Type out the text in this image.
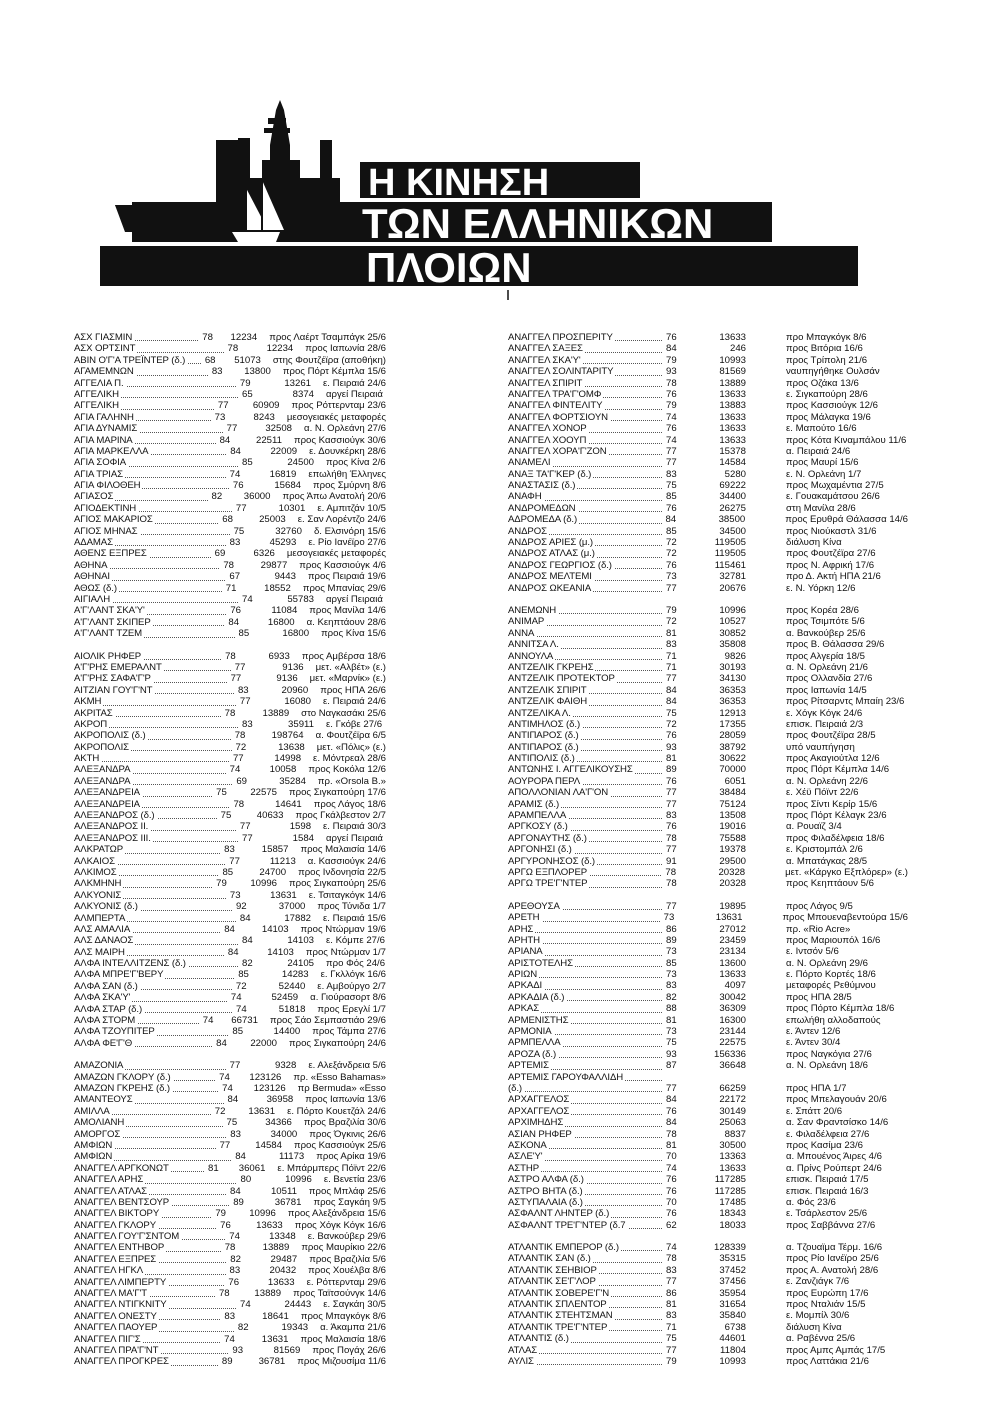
Η ΚΙΝΗΣΗ
ΤΩΝ ΕΛΛΗΝΙΚΩΝ
ΠΛΟΙΩΝ
ΑΣΧ ΓΙΑΣΜΙΝ	78	12234	προς Λαέρτ Τσαμπάγκ 25/6
ΑΣΧ ΟΡΤΣΙΝΤ	78	12234	προς Ιαπωνία 28/6
ΑΒΙΝ Ο'Γ'Α ΤΡΕΪΝΤΕΡ (δ.)	68	51073	στης Φουτζέϊρα (αποθήκη)
ΑΓΑΜΕΜΝΩΝ	83	13800	προς Πόρτ Κέμπλα 15/6
ΑΓΓΕΛΙΑ Π.	79	13261	ε. Πειραιά 24/6
ΑΓΓΕΛΙΚΗ	65	8374	αργεί Πειραιά
ΑΓΓΕΛΙΚΗ	77	60909	προς Ρόττερνταμ 23/6
ΑΓΙΑ ΓΑΛΗΝΗ	73	8243	μεσογειακές μεταφορές
ΑΓΙΑ ΔΥΝΑΜΙΣ	77	32508	α. Ν. Ορλεάνη 27/6
ΑΓΙΑ ΜΑΡΙΝΑ	84	22511	προς Κασσιούγκ 30/6
ΑΓΙΑ ΜΑΡΚΕΛΛΑ	84	22009	ε. Δουνκέρκη 28/6
ΑΓΙΑ ΣΟΦΙΑ	85	24500	προς Κίνα 2/6
ΑΓΙΑ ΤΡΙΑΣ	74	16819	επωλήθη Έλληνες
ΑΓΙΑ ΦΙΛΟΘΕΗ	76	15684	προς Σμύρνη 8/6
ΑΓΙΑΣΟΣ	82	36000	προς Άπω Ανατολή 20/6
ΑΓΙΟΔΕΚΤΙΝΗ	77	10301	ε. Αμπιτζάν 10/5
ΑΓΙΟΣ ΜΑΚΑΡΙΟΣ	68	25003	ε. Σαν Λορέντζο 24/6
ΑΓΙΟΣ ΜΗΝΑΣ	75	32760	δ. Ελσινόρη 15/6
ΑΔΑΜΑΣ	83	45293	ε. Ρίο Ιανέϊρο 27/6
ΑΘΕΝΣ ΕΞΠΡΕΣ	69	6326	μεσογειακές μεταφορές
ΑΘΗΝΑ	78	29877	προς Κασσιούγκ 4/6
ΑΘΗΝΑΙ	67	9443	προς Πειραιά 19/6
ΑΘΩΣ (δ.)	71	18552	προς Μπανίας 29/6
ΑΙΓΙΑΛΗ	74	55783	αργεί Πειραιά
Α'Γ'ΛΑΝΤ ΣΚΑ'Υ'	76	11084	προς Μανίλα 14/6
Α'Γ'ΛΑΝΤ ΣΚΙΠΕΡ	84	16800	α. Κεηπτάουν 28/6
Α'Γ'ΛΑΝΤ ΤΖΕΜ	85	16800	προς Κίνα 15/6
ΑΙΟΛΙΚ ΡΗΦΕΡ	78	6933	προς Αμβέρσα 18/6
Α'Γ'ΡΗΣ ΕΜΕΡΑΛΝΤ	77	9136	μετ. «Αλβέτ» (ε.)
Α'Γ'ΡΗΣ ΣΑΦΑ'Γ'Ρ	77	9136	μετ. «Μαρνίκ» (ε.)
ΑΙΤΖΙΑΝ ΓΟΥ'Γ'ΝΤ	83	20960	προς ΗΠΑ 26/6
ΑΚΜΗ	77	16080	ε. Πειραιά 24/6
ΑΚΡΙΤΑΣ	78	13889	στο Ναγκασάκι 25/6
ΑΚΡΟΠ	83	35911	ε. Γκόβε 27/6
ΑΚΡΟΠΟΛΙΣ (δ.)	78	198764	α. Φουτζέϊρα 6/5
ΑΚΡΟΠΟΛΙΣ	72	13638	μετ. «Πόλις» (ε.)
ΑΚΤΗ	77	14998	ε. Μόντρεαλ 28/6
ΑΛΕΞΑΝΔΡΑ	74	10058	προς Κοκόλα 12/6
ΑΛΕΞΑΝΔΡΑ	69	35284	πρ. «Orsola B.»
ΑΛΕΞΑΝΔΡΕΙΑ	75	22575	προς Σιγκαπούρη 17/6
ΑΛΕΞΑΝΔΡΕΙΑ	78	14641	προς Λάγος 18/6
ΑΛΕΞΑΝΔΡΟΣ (δ.)	75	40633	προς Γκάλβεστον 2/7
ΑΛΕΞΑΝΔΡΟΣ ΙΙ.	77	1598	ε. Πειραιά 30/3
ΑΛΕΞΑΝΔΡΟΣ ΙΙΙ.	77	1584	αργεί Πειραιά
ΑΛΚΡΑΤΩΡ	83	15857	προς Μαλαισία 14/6
ΑΛΚΑΙΟΣ	77	11213	α. Κασσιούγκ 24/6
ΑΛΚΙΜΟΣ	85	24700	προς Ινδονησία 22/5
ΑΛΚΜΗΝΗ	79	10996	προς Σιγκαπούρη 25/6
ΑΛΚΥΟΝΙΣ	73	13631	ε. Τσιταγκόγκ 14/6
ΑΛΚΥΟΝΙΣ (δ.)	92	37000	προς Τύνιδα 1/7
ΑΛΜΠΕΡΤΑ	84	17882	ε. Πειραιά 15/6
ΑΛΣ ΑΜΑΛΙΑ	84	14103	προς Ντώρμαν 19/6
ΑΛΣ ΔΑΝΑΟΣ	84	14103	ε. Κόμπε 27/6
ΑΛΣ ΜΑΙΡΗ	84	14103	προς Ντώρμαν 1/7
ΑΛΦΑ ΙΝΤΕΛΛΙΤΖΕΝΣ (δ.)	82	24105	προ Φός 24/6
ΑΛΦΑ ΜΠΡΕ'Γ'ΒΕΡΥ	85	14283	ε. Γκλλόγκ 16/6
ΑΛΦΑ ΣΑΝ (δ.)	72	52440	ε. Αμβούργο 2/7
ΑΛΦΑ ΣΚΑ'Υ'	74	52459	α. Γιούρασορτ 8/6
ΑΛΦΑ ΣΤΑΡ (δ.)	74	51818	προς Ερεγλί 1/7
ΑΛΦΑ ΣΤΟΡΜ	74	66731	προς Σάο Σεμπαστιάο 29/6
ΑΛΦΑ ΤΖΟΥΠΙΤΕΡ	85	14400	προς Τάμπα 27/6
ΑΛΦΑ ΦΕ'Γ'Θ	84	22000	προς Σιγκαπούρη 24/6
ΑΜΑΖΟΝΙΑ	77	9328	ε. Αλεξάνδρεια 5/6
ΑΜΑΖΩΝ ΓΚΛΟΡΥ (δ.)	74	123126	πρ. «Esso Bahamas»
ΑΜΑΖΩΝ ΓΚΡΕΗΣ (δ.)	74	123126	πρ Bermuda» «Esso
ΑΜΑΝΤΕΟΥΣ	84	36958	προς Ιαπωνία 13/6
ΑΜΙΛΛΑ	72	13631	ε. Πόρτο Κουετζάλ 24/6
ΑΜΟΛΙΑΝΗ	75	34366	προς Βραζιλία 30/6
ΑΜΟΡΓΟΣ	83	34000	προς Όγκινις 26/6
ΑΜΦΙΩΝ	77	14584	προς Κασσιούγκ 25/6
ΑΜΦΙΩΝ	84	11173	προς Αρίκα 19/6
ΑΝΑΓΓΕΛ ΑΡΓΚΟΝΩΤ	81	36061	ε. Μπάρμπερς Πόϊντ 22/6
ΑΝΑΓΓΕΛ ΑΡΗΣ	80	10996	ε. Βενετία 23/6
ΑΝΑΓΓΕΛ ΑΤΛΑΣ	84	10511	προς Μπλάφ 25/6
ΑΝΑΓΓΕΛ ΒΕΝΤΣΟΥΡ	89	36781	προς Σαγκάη 9/5
ΑΝΑΓΓΕΛ ΒΙΚΤΟΡΥ	79	10996	προς Αλεξάνδρεια 15/6
ΑΝΑΓΓΕΛ ΓΚΛΟΡΥ	76	13633	προς Χόγκ Κόγκ 16/6
ΑΝΑΓΓΕΛ ΓΟΥ'Γ'ΣΝΤΟΜ	74	13348	ε. Βανκούβερ 29/6
ΑΝΑΓΓΕΛ ΕΝΤΗΒΟΡ	78	13889	προς Μαυρίκιο 22/6
ΑΝΑΓΓΕΛ ΕΞΠΡΕΣ	82	29487	προς Βραζιλία 5/6
ΑΝΑΓΓΕΛ ΗΓΚΛ	83	20432	προς Χουέλβα 8/6
ΑΝΑΓΓΕΛ ΛΙΜΠΕΡΤΥ	76	13633	ε. Ρόττερνταμ 29/6
ΑΝΑΓΓΕΛ ΜΑ'Γ'Τ	78	13889	προς Ταϊτσούνγκ 14/6
ΑΝΑΓΓΕΛ ΝΤΙΓΚΝΙΤΥ	74	24443	ε. Σαγκάη 30/5
ΑΝΑΓΓΕΛ ΟΝΕΣΤΥ	83	18641	προς Μπαγκόγκ 8/6
ΑΝΑΓΓΕΛ ΠΑΟΥΕΡ	82	19343	α. Άκαμπα 21/6
ΑΝΑΓΓΕΛ ΠΙΓ'Σ	74	13631	προς Μαλαισία 18/6
ΑΝΑΓΓΕΛ ΠΡΑ'Γ'ΝΤ	93	81569	προς Πογάχ 26/6
ΑΝΑΓΓΕΛ ΠΡΟΓΚΡΕΣ	89	36781	προς Μιζουσίμα 11/6
ΑΝΑΓΓΕΛ ΠΡΟΣΠΕΡΙΤΥ	76	13633	προ Μπαγκόγκ 8/6
ΑΝΑΓΓΕΛ ΣΑΞΕΣ	84	246	προς Βιτόρια 16/6
ΑΝΑΓΓΕΛ ΣΚΑ'Υ'	79	10993	προς Τρίπολη 21/6
ΑΝΑΓΓΕΛ ΣΟΛΙΝΤΑΡΙΤΥ	93	81569	ναυπηγήθηκε Ουλσάν
ΑΝΑΓΓΕΛ ΣΠΙΡΙΤ	78	13889	προς Οζάκα 13/6
ΑΝΑΓΓΕΛ ΤΡΑ'Γ'ΟΜΦ	76	13633	ε. Σιγκαπούρη 28/6
ΑΝΑΓΓΕΛ ΦΙΝΤΕΛΙΤΥ	79	13883	προς Κασσιούγκ 12/6
ΑΝΑΓΓΕΛ ΦΟΡΤΣΙΟΥΝ	74	13633	προς Μάλαγκα 19/6
ΑΝΑΓΓΕΛ ΧΟΝΟΡ	76	13633	ε. Μαπούτο 16/6
ΑΝΑΓΓΕΛ ΧΟΟΥΠ	74	13633	προς Κότα Κιναμπάλου 11/6
ΑΝΑΓΓΕΛ ΧΟΡΑ'Γ'ΖΟΝ	77	15378	α. Πειραιά 24/6
ΑΝΑΜΕΛΙ	77	14584	προς Μαυρί 15/6
ΑΝΑΞ ΤΑ'Γ'ΚΕΡ (δ.)	83	5280	ε. Ν. Ορλεάνη 1/7
ΑΝΑΣΤΑΣΙΣ (δ.)	75	69222	προς Μωχαμέντια 27/5
ΑΝΑΦΗ	85	34400	ε. Γουακαμάτσου 26/6
ΑΝΔΡΟΜΕΔΩΝ	76	26275	στη Μανίλα 28/6
ΑΔΡΟΜΕΔΑ (δ.)	84	38500	προς Ερυθρά Θάλασσα 14/6
ΑΝΔΡΟΣ	85	34500	προς Νιούκαστλ 31/6
ΑΝΔΡΟΣ ΑΡΙΕΣ (μ.)	72	119505	διάλυση Κίνα
ΑΝΔΡΟΣ ΑΤΛΑΣ (μ.)	72	119505	προς Φουτζέϊρα 27/6
ΑΝΔΡΟΣ ΓΕΩΡΓΙΟΣ (δ.)	76	115461	προς Ν. Αφρική 17/6
ΑΝΔΡΟΣ ΜΕΛΤΕΜΙ	73	32781	προ Δ. Ακτή ΗΠΑ 21/6
ΑΝΔΡΟΣ ΩΚΕΑΝΙΑ	77	20676	ε. Ν. Υόρκη 12/6
ΑΝΕΜΩΝΗ	79	10996	προς Κορέα 28/6
ΑΝΙΜΑΡ	72	10527	προς Τσιμπότε 5/6
ΑΝΝΑ	81	30852	α. Βανκούβερ 25/6
ΑΝΝΙΤΣΑ Λ.	83	35808	προς Β. Θάλασσα 29/6
ΑΝΝΟΥΛΑ	71	9826	προς Αλγερία 18/5
ΑΝΤΖΕΛΙΚ ΓΚΡΕΗΣ	71	30193	α. Ν. Ορλεάνη 21/6
ΑΝΤΖΕΛΙΚ ΠΡΟΤΕΚΤΟΡ	77	34130	προς Ολλανδία 27/6
ΑΝΤΖΕΛΙΚ ΣΠΙΡΙΤ	84	36353	προς Ιαπωνία 14/5
ΑΝΤΖΕΛΙΚ ΦΑΙΘΗ	84	36353	προς Ρίτσαρντς Μπαίη 23/6
ΑΝΤΖΕΛΙΚΑ Λ.	75	12913	ε. Χόγκ Κόγκ 24/6
ΑΝΤΙΜΗΛΟΣ (δ.)	72	17355	επισκ. Πειραιά 2/3
ΑΝΤΙΠΑΡΟΣ (δ.)	76	28059	προς Φουτζέϊρα 28/5
ΑΝΤΙΠΑΡΟΣ (δ.)	93	38792	υπό ναυπήγηση
ΑΝΤΙΠΟΛΙΣ (δ.)	81	30622	προς Ακαγιούτλα 12/6
ΑΝΤΩΝΗΣ Ι. ΑΓΓΕΛΙΚΟΥΣΗΣ	89	70000	προς Πόρτ Κέμπλα 14/6
ΑΟΥΡΟΡΑ ΠΕΡΛ	76	6051	α. Ν. Ορλεάνη 22/6
ΑΠΟΛΛΟΝΙΑΝ ΛΑ'Γ'ΟΝ	77	38484	ε. Χέϋ Πόϊντ 22/6
ΑΡΑΜΙΣ (δ.)	77	75124	προς Σίντι Κερίρ 15/6
ΑΡΑΜΠΕΛΛΑ	83	13508	προς Πόρτ Κέλαγκ 23/6
ΑΡΓΚΟΣΥ (δ.)	76	19016	α. Ρουαϊζ 3/4
ΑΡΓΟΝΑΥΤΗΣ (δ.)	78	75588	προς Φιλαδέλφεια 18/6
ΑΡΓΟΝΗΣΙ (δ.)	77	19378	ε. Κριστομπάλ 2/6
ΑΡΓΥΡΟΝΗΣΟΣ (δ.)	91	29500	α. Μπατάγκας 28/5
ΑΡΓΩ ΕΞΠΛΟΡΕΡ	78	20328	μετ. «Κάργκο Εξπλόρερ» (ε.)
ΑΡΓΩ ΤΡΕ'Γ'ΝΤΕΡ	78	20328	προς Κεηπτάουν 5/6
ΑΡΕΘΟΥΣΑ	77	19895	προς Λάγος 9/5
ΑΡΕΤΗ	73	13631	προς Μπουεναβεντούρα 15/6
ΑΡΗΣ	86	27012	πρ. «Rio Acre»
ΑΡΗΤΗ	89	23459	προς Μαριουπόλ 16/6
ΑΡΙΑΝΑ	73	23134	ε. Ιντσόν 5/6
ΑΡΙΣΤΟΤΕΛΗΣ	85	13600	α. Ν. Ορλεάνη 29/6
ΑΡΙΩΝ	73	13633	ε. Πόρτο Κορτές 18/6
ΑΡΚΑΔΙ	83	4097	μεταφορές Ρεθύμνου
ΑΡΚΑΔΙΑ (δ.)	82	30042	προς ΗΠΑ 28/5
ΑΡΚΑΣ	88	36309	προς Πόρτο Κέμπλα 18/6
ΑΡΜΕΝΙΣΤΗΣ	81	16300	επωλήθη αλλοδαπούς
ΑΡΜΟΝΙΑ	73	23144	ε. Άντεν 12/6
ΑΡΜΠΕΛΛΑ	75	22575	ε. Άντεν 30/4
ΑΡΟΖΑ (δ.)	93	156336	προς Ναγκόγια 27/6
ΑΡΤΕΜΙΣ	87	36648	α. Ν. Ορλεάνη 18/6
ΑΡΤΕΜΙΣ ΓΑΡΟΥΦΑΛΛΙΔΗ
(δ.)	77	66259	προς ΗΠΑ 1/7
ΑΡΧΑΓΓΕΛΟΣ	84	22172	προς Μπελαγουάν 20/6
ΑΡΧΑΓΓΕΛΟΣ	76	30149	ε. Σπάττ 20/6
ΑΡΧΙΜΗΔΗΣ	84	25063	α. Σαν Φραντσίσκο 14/6
ΑΣΙΑΝ ΡΗΦΕΡ	78	8837	ε. Φιλαδέλφεια 27/6
ΑΣΚΟΝΑ	81	30500	προς Κασίμα 23/6
ΑΣΛΕ'Υ'	70	13363	α. Μπουένος Άιρες 4/6
ΑΣΤΗΡ	74	13633	α. Πρίνς Ρούπερτ 24/6
ΑΣΤΡΟ ΑΛΦΑ (δ.)	76	117285	επισκ. Πειραιά 17/5
ΑΣΤΡΟ ΒΗΤΑ (δ.)	76	117285	επισκ. Πειραιά 16/3
ΑΣΤΥΠΑΛΑΙΑ (δ.)	70	17485	α. Φός 23/6
ΑΣΦΑΛΝΤ ΛΗΝΤΕΡ (δ.)	76	18343	ε. Τσάρλεστον 25/6
ΑΣΦΑΛΝΤ ΤΡΕ'Γ'ΝΤΕΡ (δ.7	62	18033	προς Σαββάννα 27/6
ΑΤΛΑΝΤΙΚ ΕΜΠΕΡΟΡ (δ.)	74	128339	α. Τζουαϊμα Τέρμ. 16/6
ΑΤΛΑΝΤΙΚ ΣΑΝ (δ.)	78	35315	προς Ρίο Ιανέϊρο 25/6
ΑΤΛΑΝΤΙΚ ΣΕΗΒΙΟΡ	83	37452	προς Α. Ανατολή 28/6
ΑΤΛΑΝΤΙΚ ΣΕ'Γ'ΛΟΡ	77	37456	ε. Ζανζιάγκ 7/6
ΑΤΛΑΝΤΙΚ ΣΟΒΕΡΕ'Γ'Ν	86	35954	προς Ευρώπη 17/6
ΑΤΛΑΝΤΙΚ ΣΠΛΕΝΤΟΡ	81	31654	προς Νταλιάν 15/5
ΑΤΛΑΝΤΙΚ ΣΤΕΗΤΣΜΑΝ	83	35840	ε. Μομπίλ 30/6
ΑΤΛΑΝΤΙΚ ΤΡΕ'Γ'ΝΤΕΡ	71	6738	διάλυση Κίνα
ΑΤΛΑΝΤΙΣ (δ.)	75	44601	α. Ραβέννα 25/6
ΑΤΛΑΣ	77	11804	προς Αμπς Αμπάς 17/5
ΑΥΛΙΣ	79	10993	προς Λαττάκια 21/6
